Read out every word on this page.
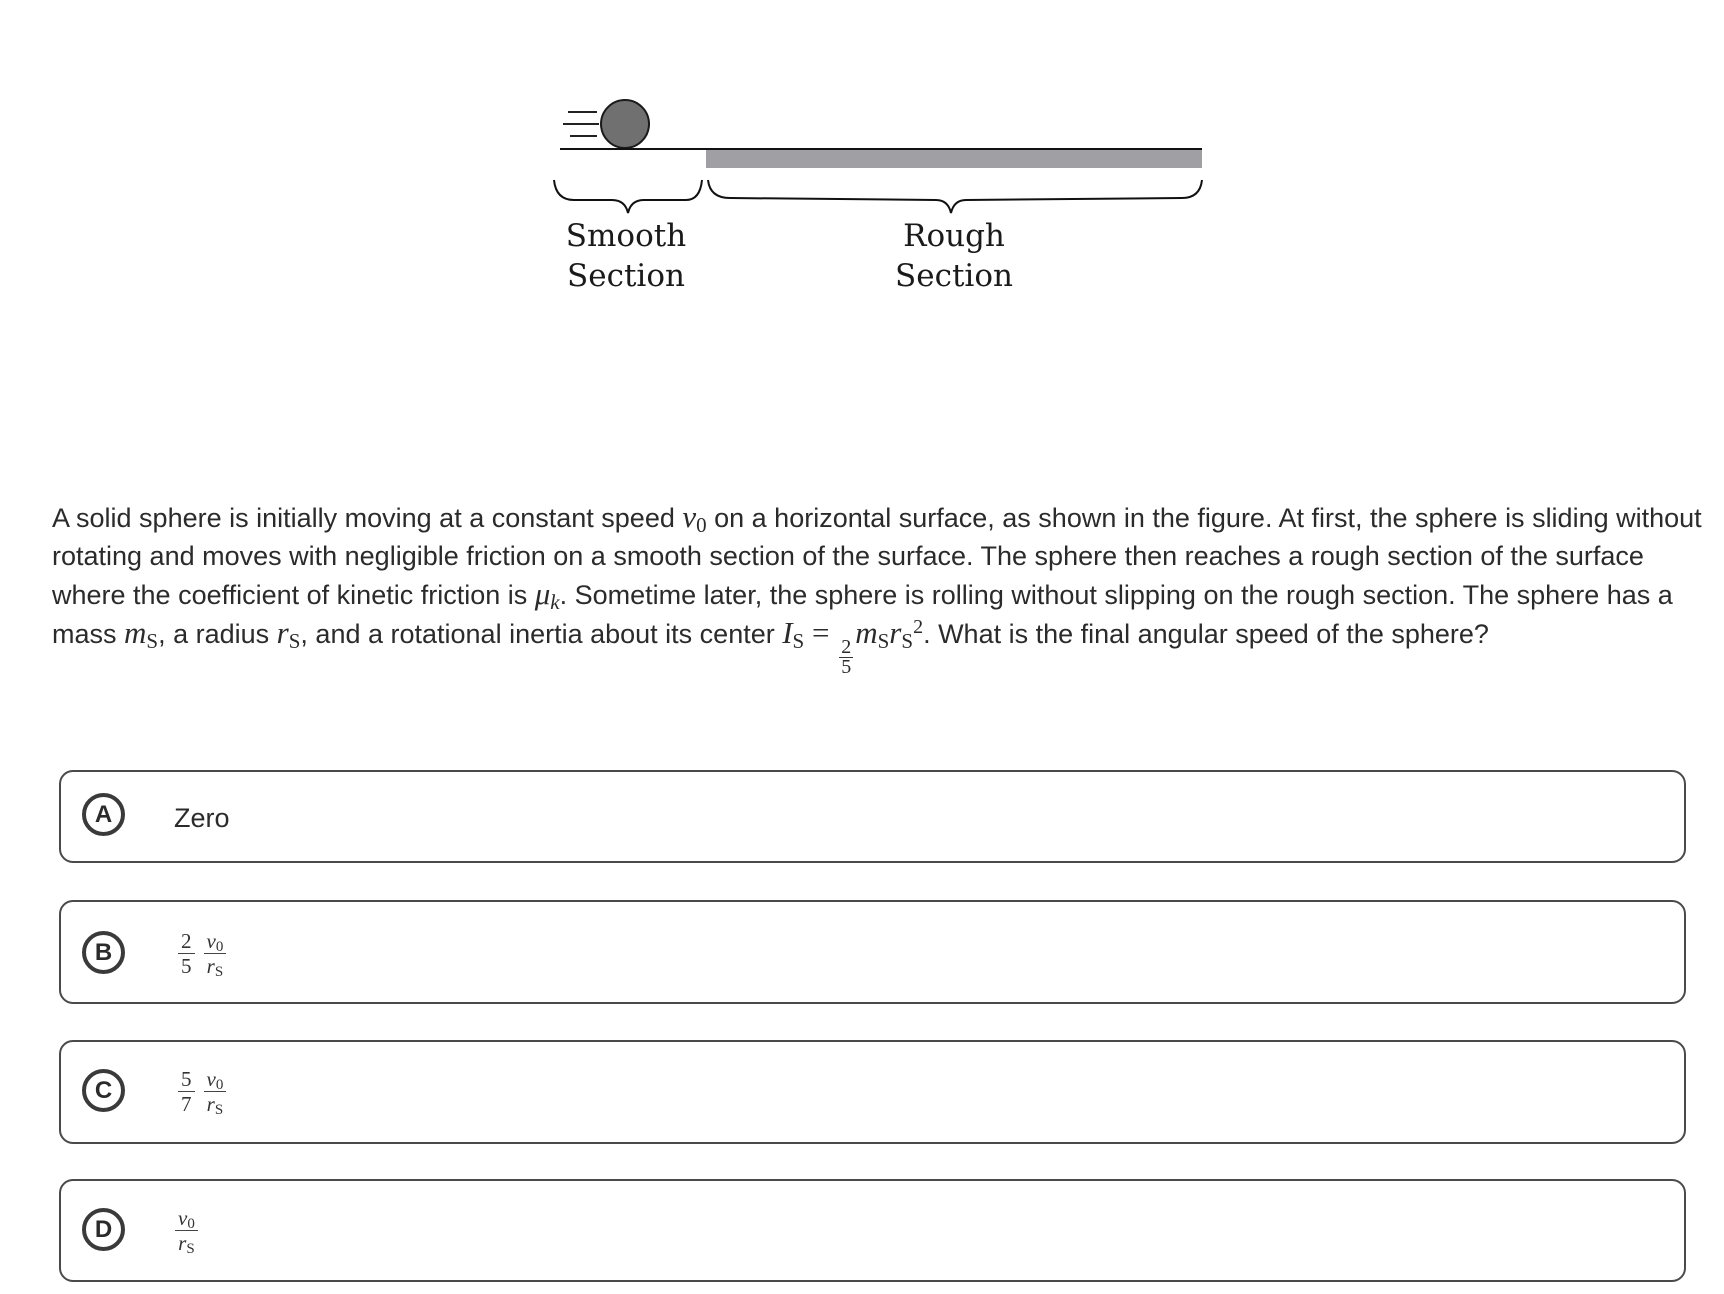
Smooth
Section
Rough
Section
A solid sphere is initially moving at a constant speed $v_0$ on a horizontal surface, as shown in the figure. At first, the sphere is sliding without rotating and moves with negligible friction on a smooth section of the surface. The sphere then reaches a rough section of the surface where the coefficient of kinetic friction is $\mu_k$. Sometime later, the sphere is rolling without slipping on the rough section. The sphere has a mass $m_S$, a radius $r_S$, and a rotational inertia about its center $I_S$ =
$\frac{2}{5}$
$m_Sr_S^2$. What is the final angular speed of the sphere?
A	Zero
B	2
5
$v_0$
$r_S$
C	5
7
$v_0$
$r_S$
D	$v_0$
$r_S$
